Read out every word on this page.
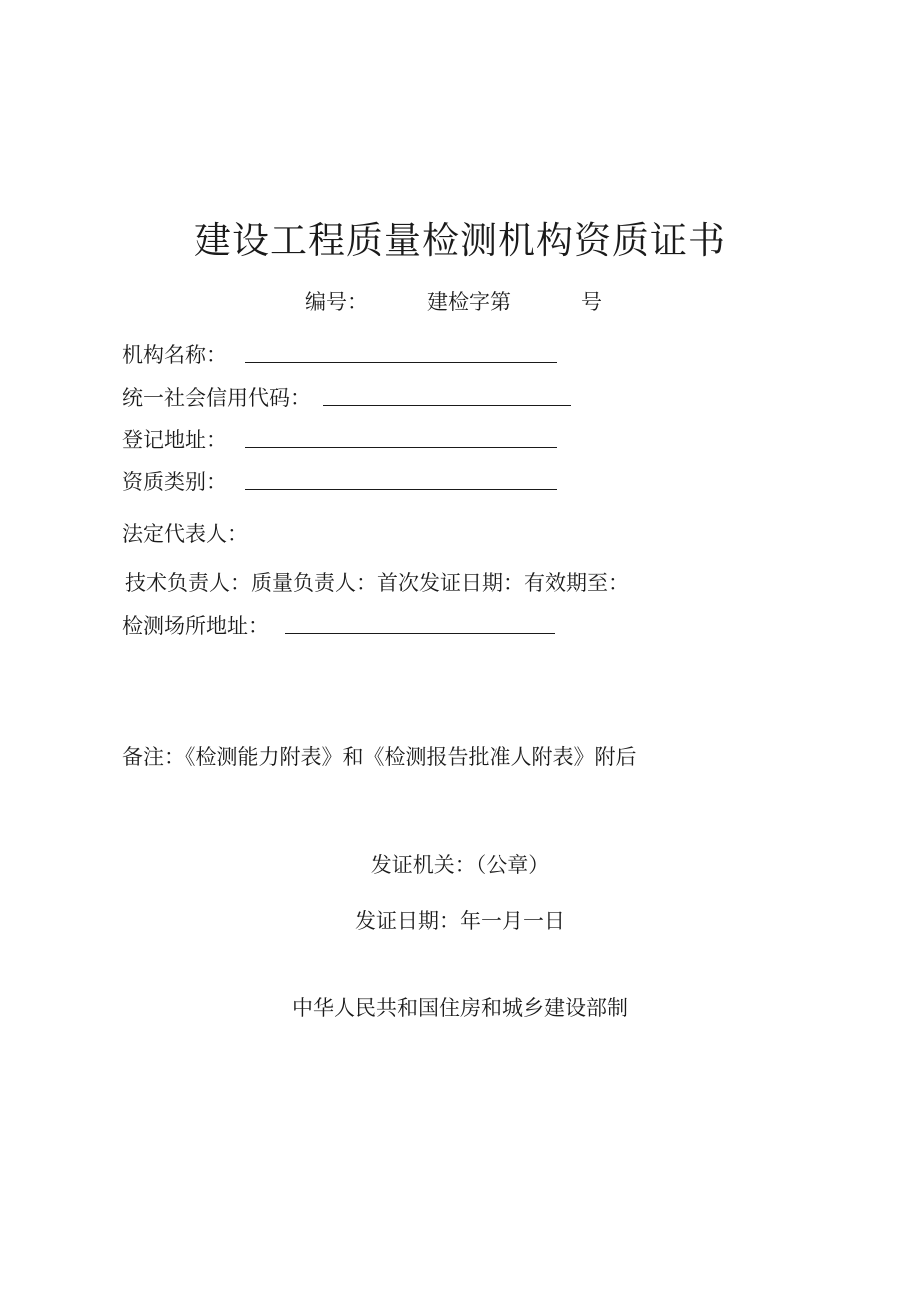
建设工程质量检测机构资质证书
编号：	建检字第	号
机构名称：
统一社会信用代码：
登记地址：
资质类别：
法定代表人：
技术负责人：质量负责人：首次发证日期：有效期至：
检测场所地址：
备注：《检测能力附表》和《检测报告批准人附表》附后
发证机关：（公章）
发证日期：年一月一日
中华人民共和国住房和城乡建设部制
